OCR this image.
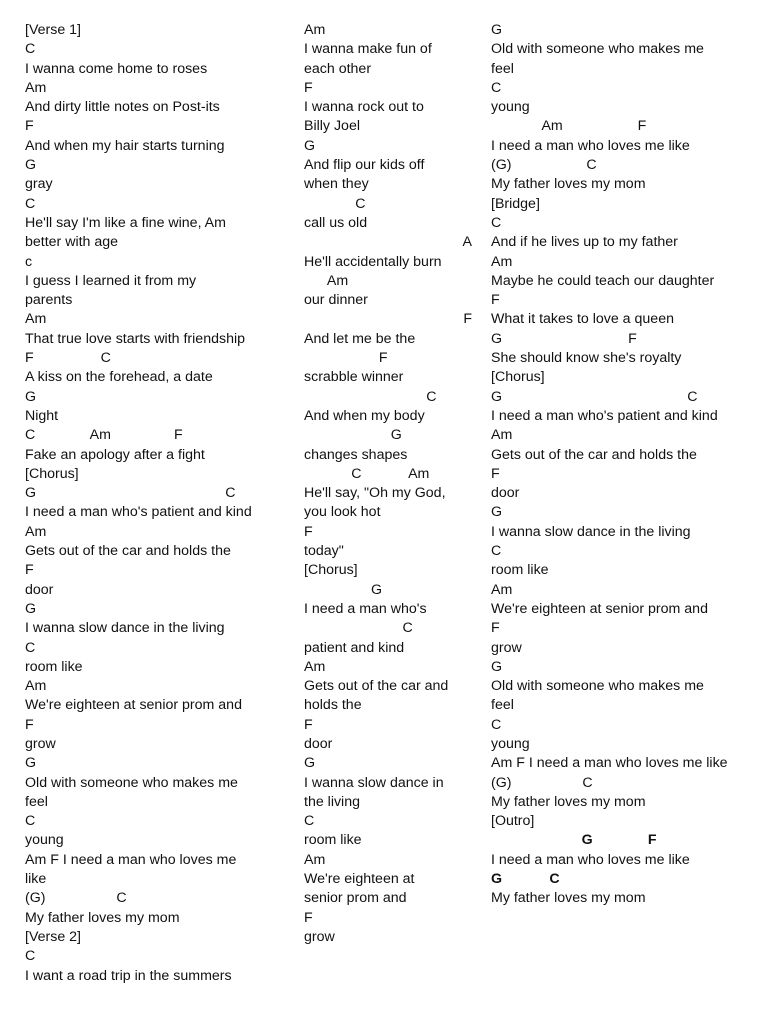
[Verse 1]
C
I wanna come home to roses
Am
And dirty little notes on Post-its
F
And when my hair starts turning
G
gray
C
He'll say I'm like a fine wine, Am
better with age
c
I guess I learned it from my
parents
Am
That true love starts with friendship
F                 C
A kiss on the forehead, a date
G
Night
C              Am                F
Fake an apology after a fight
[Chorus]
G                                                C
I need a man who's patient and kind
Am
Gets out of the car and holds the
F
door
G
I wanna slow dance in the living
C
room like
Am
We're eighteen at senior prom and
F
grow
G
Old with someone who makes me
feel
C
young
Am F I need a man who loves me
like
(G)                  C
My father loves my mom
[Verse 2]
C
I want a road trip in the summers
Am
I wanna make fun of
each other
F
I wanna rock out to
Billy Joel
G
And flip our kids off
when they
C
call us old
A
He'll accidentally burn
Am
our dinner
F
And let me be the
F
scrabble winner
C
And when my body
G
changes shapes
C            Am
He'll say, "Oh my God,
you look hot
F
today"
[Chorus]
G
I need a man who's
C
patient and kind
Am
Gets out of the car and
holds the
F
door
G
I wanna slow dance in
the living
C
room like
Am
We're eighteen at
senior prom and
F
grow
G
Old with someone who makes me
feel
C
young
Am                   F
I need a man who loves me like
(G)                   C
My father loves my mom
[Bridge]
C
And if he lives up to my father
Am
Maybe he could teach our daughter
F
What it takes to love a queen
G                                F
She should know she's royalty
[Chorus]
G                                               C
I need a man who's patient and kind
Am
Gets out of the car and holds the
F
door
G
I wanna slow dance in the living
C
room like
Am
We're eighteen at senior prom and
F
grow
G
Old with someone who makes me
feel
C
young
Am F I need a man who loves me like
(G)                  C
My father loves my mom
[Outro]
G              F
I need a man who loves me like
G            C
My father loves my mom
